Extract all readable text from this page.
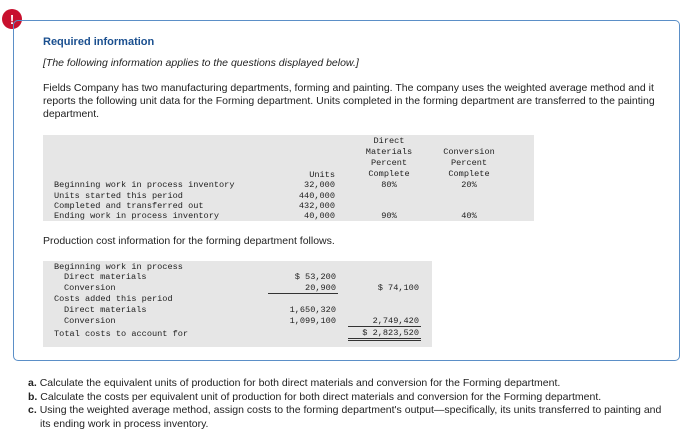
!
Required information
[The following information applies to the questions displayed below.]
Fields Company has two manufacturing departments, forming and painting. The company uses the weighted average method and it reports the following unit data for the Forming department. Units completed in the forming department are transferred to the painting department.
Units
Direct
Materials
Percent
Complete
Conversion
Percent
Complete
Beginning work in process inventory	32,000	80%	20%
Units started this period	440,000
Completed and transferred out	432,000
Ending work in process inventory	40,000	90%	40%
Production cost information for the forming department follows.
Beginning work in process
Direct materials	$ 53,200
Conversion	20,900	$ 74,100
Costs added this period
Direct materials	1,650,320
Conversion	1,099,100	2,749,420
Total costs to account for	$ 2,823,520
a. Calculate the equivalent units of production for both direct materials and conversion for the Forming department.
b. Calculate the costs per equivalent unit of production for both direct materials and conversion for the Forming department.
c. Using the weighted average method, assign costs to the forming department's output—specifically, its units transferred to painting and its ending work in process inventory.
